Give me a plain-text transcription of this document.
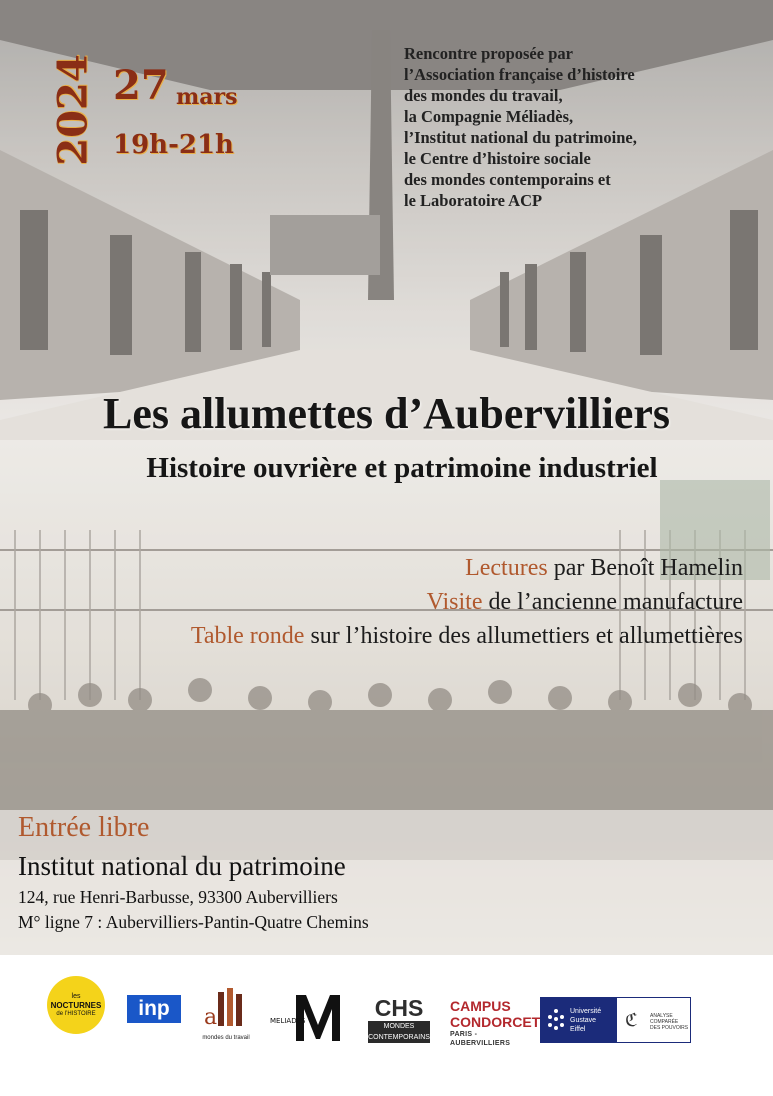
2024 27 mars
19h-21h
Rencontre proposée par
l’Association française d’histoire
des mondes du travail,
la Compagnie Méliadès,
l’Institut national du patrimoine,
le Centre d’histoire sociale
des mondes contemporains et
le Laboratoire ACP
Les allumettes d’Aubervilliers
Histoire ouvrière et patrimoine industriel
Lectures par Benoît Hamelin
Visite de l’ancienne manufacture
Table ronde sur l’histoire des allumettiers et allumettières
Entrée libre
Institut national du patrimoine
124, rue Henri-Barbusse, 93300 Aubervilliers
M° ligne 7 : Aubervilliers-Pantin-Quatre Chemins
les
NOCTURNES
de l’HISTOIRE	inp	a
mondes du travail
MELIADES	CHS
MONDES
CONTEMPORAINS
CAMPUS
CONDORCET
PARIS - AUBERVILLIERS
Université
Gustave
Eiffel	ℭ ANALYSE
COMPARÉE
DES POUVOIRS
